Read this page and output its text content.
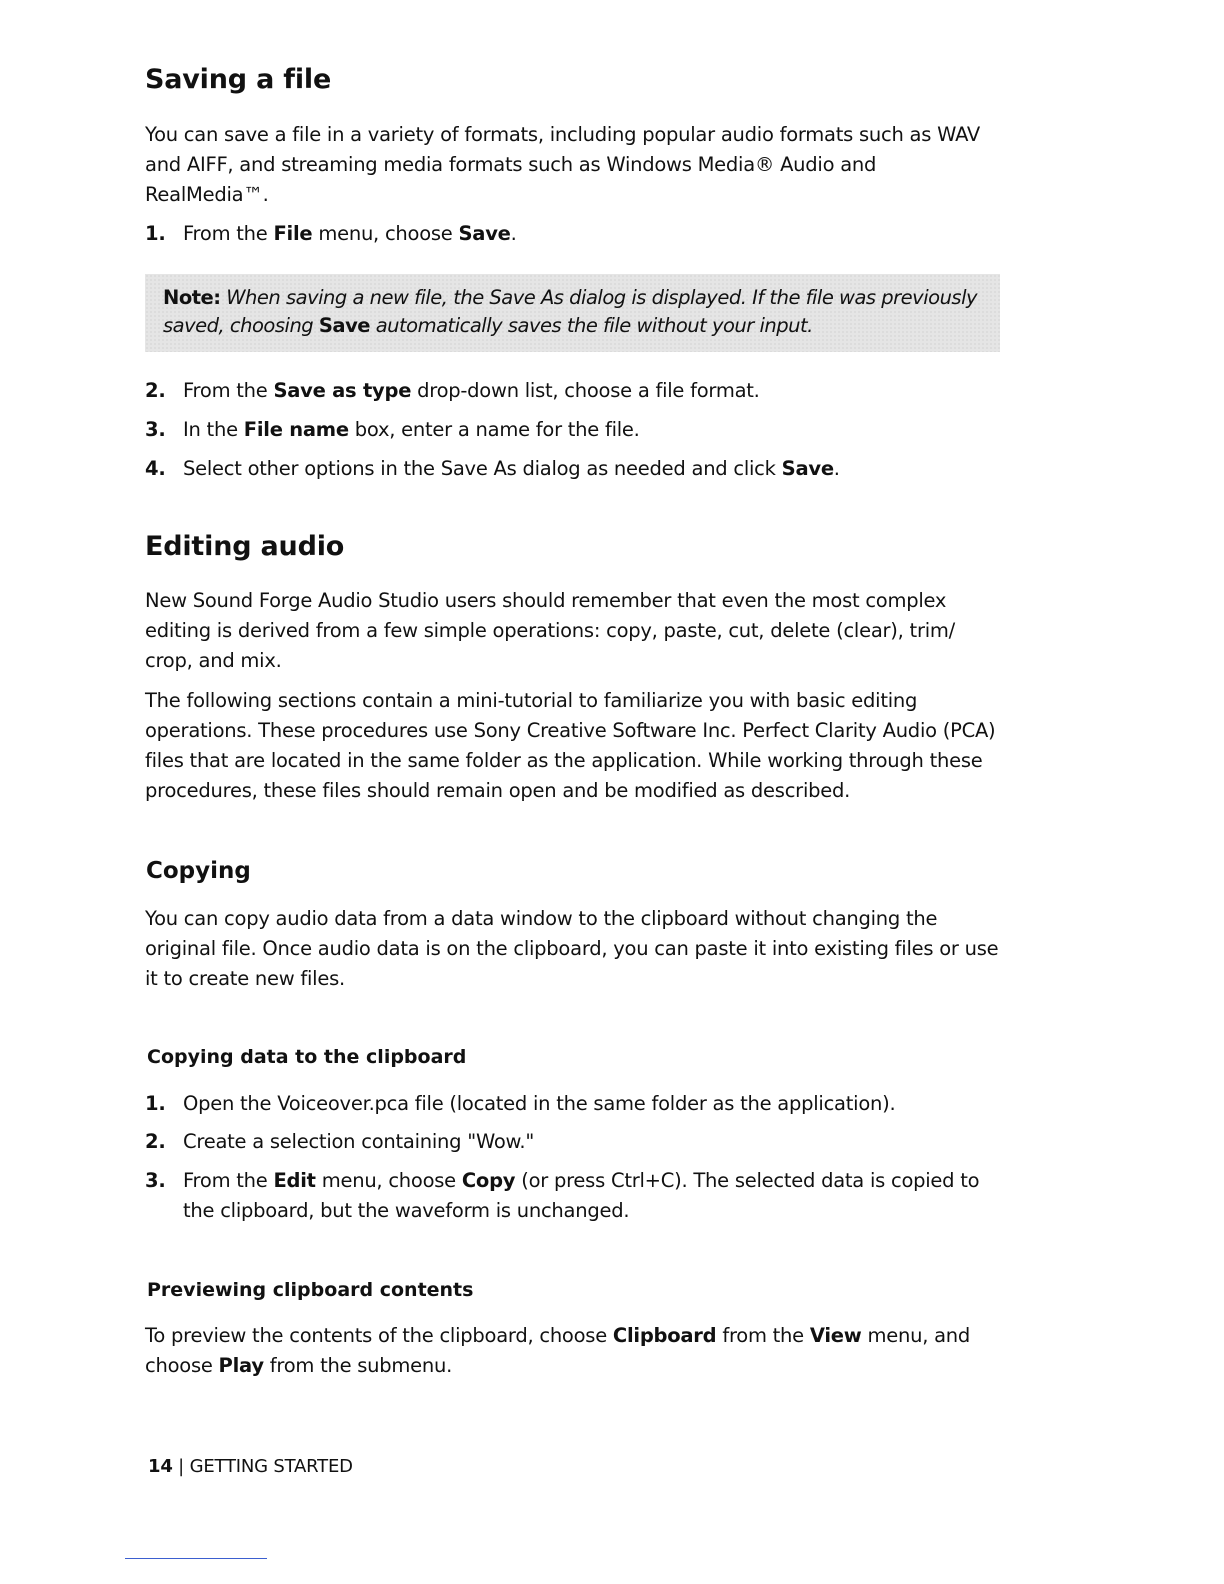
Saving a file

You can save a file in a variety of formats, including popular audio formats such as WAV and AIFF, and streaming media formats such as Windows Media® Audio and RealMedia™.

1. From the File menu, choose Save.
Note: When saving a new file, the Save As dialog is displayed. If the file was previously saved, choosing Save automatically saves the file without your input.
2. From the Save as type drop-down list, choose a file format.
3. In the File name box, enter a name for the file.
4. Select other options in the Save As dialog as needed and click Save.
Editing audio

New Sound Forge Audio Studio users should remember that even the most complex editing is derived from a few simple operations: copy, paste, cut, delete (clear), trim/ crop, and mix.

The following sections contain a mini-tutorial to familiarize you with basic editing operations. These procedures use Sony Creative Software Inc. Perfect Clarity Audio (PCA) files that are located in the same folder as the application. While working through these procedures, these files should remain open and be modified as described.

Copying

You can copy audio data from a data window to the clipboard without changing the original file. Once audio data is on the clipboard, you can paste it into existing files or use it to create new files.

Copying data to the clipboard
1. Open the Voiceover.pca file (located in the same folder as the application).
2. Create a selection containing "Wow."
3. From the Edit menu, choose Copy (or press Ctrl+C). The selected data is copied to the clipboard, but the waveform is unchanged.
Previewing clipboard contents

To preview the contents of the clipboard, choose Clipboard from the View menu, and choose Play from the submenu.

14 | GETTING STARTED
